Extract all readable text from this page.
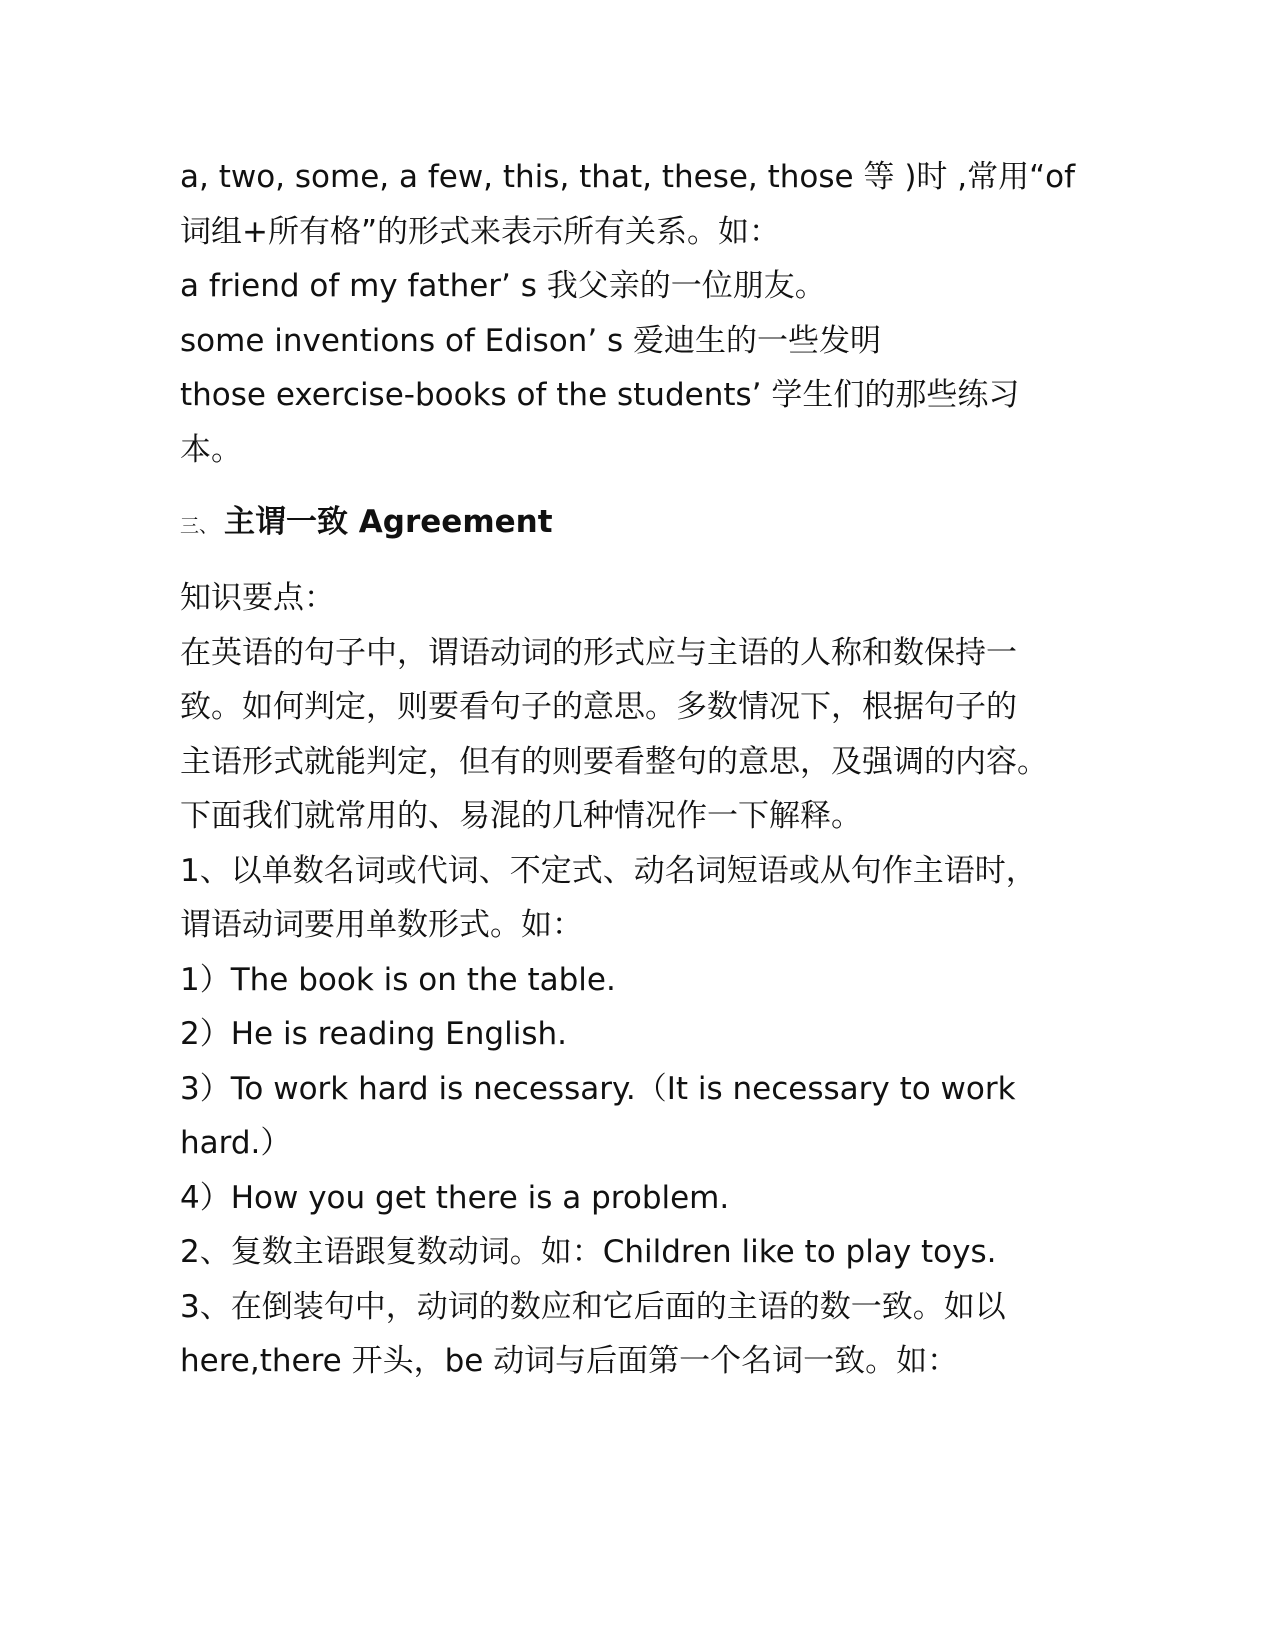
a, two, some, a few, this, that, these, those 等 )时 ,常用“of
词组+所有格”的形式来表示所有关系。如：
a friend of my father’ s 我父亲的一位朋友。
some inventions of Edison’ s 爱迪生的一些发明
those exercise-books of the students’ 学生们的那些练习
本。
三、 主谓一致 Agreement
知识要点：
在英语的句子中，谓语动词的形式应与主语的人称和数保持一
致。如何判定，则要看句子的意思。多数情况下，根据句子的
主语形式就能判定，但有的则要看整句的意思，及强调的内容。
下面我们就常用的、易混的几种情况作一下解释。
1、以单数名词或代词、不定式、动名词短语或从句作主语时，
谓语动词要用单数形式。如：
1）The book is on the table.
2）He is reading English.
3）To work hard is necessary.（It is necessary to work
hard.）
4）How you get there is a problem.
2、复数主语跟复数动词。如：Children like to play toys.
3、在倒装句中，动词的数应和它后面的主语的数一致。如以
here,there 开头，be 动词与后面第一个名词一致。如：
